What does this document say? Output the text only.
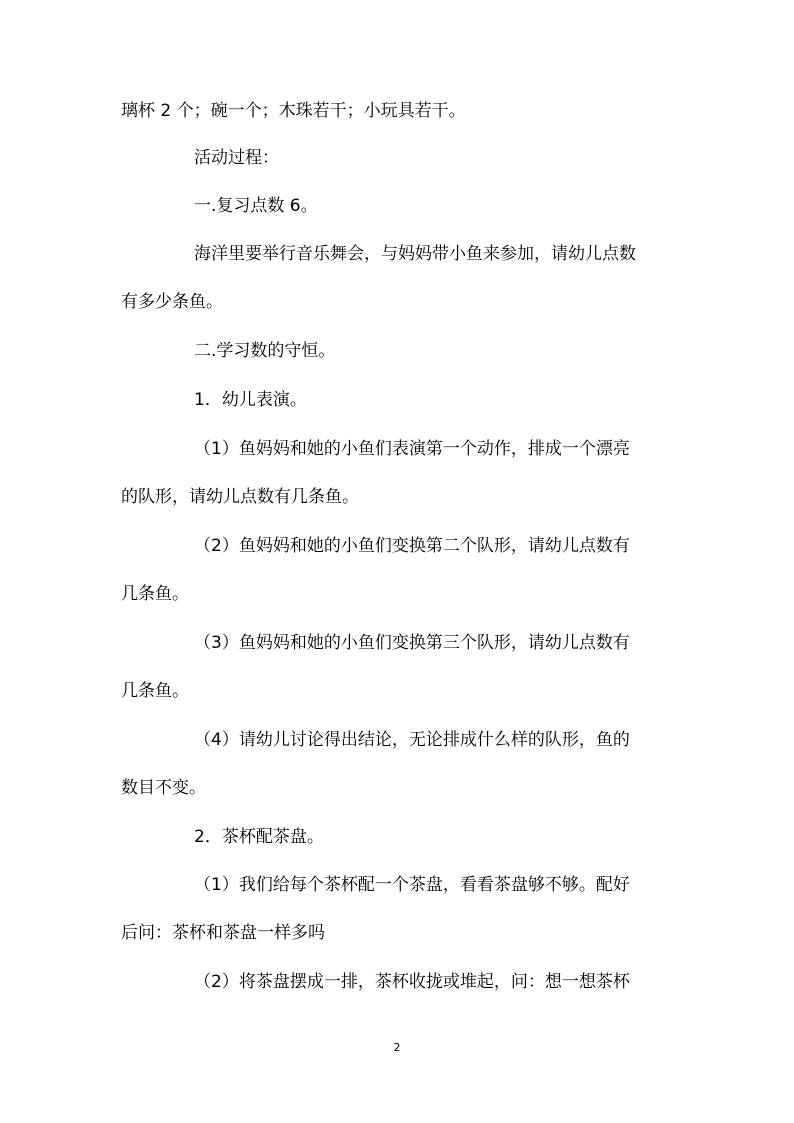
璃杯 2 个；碗一个；木珠若干；小玩具若干。
活动过程：
一.复习点数 6。
海洋里要举行音乐舞会，与妈妈带小鱼来参加，请幼儿点数
有多少条鱼。
二.学习数的守恒。
1．幼儿表演。
（1）鱼妈妈和她的小鱼们表演第一个动作，排成一个漂亮
的队形，请幼儿点数有几条鱼。
（2）鱼妈妈和她的小鱼们变换第二个队形，请幼儿点数有
几条鱼。
（3）鱼妈妈和她的小鱼们变换第三个队形，请幼儿点数有
几条鱼。
（4）请幼儿讨论得出结论，无论排成什么样的队形，鱼的
数目不变。
2．茶杯配茶盘。
（1）我们给每个茶杯配一个茶盘，看看茶盘够不够。配好
后问：茶杯和茶盘一样多吗
（2）将茶盘摆成一排，茶杯收拢或堆起，问：想一想茶杯
2
